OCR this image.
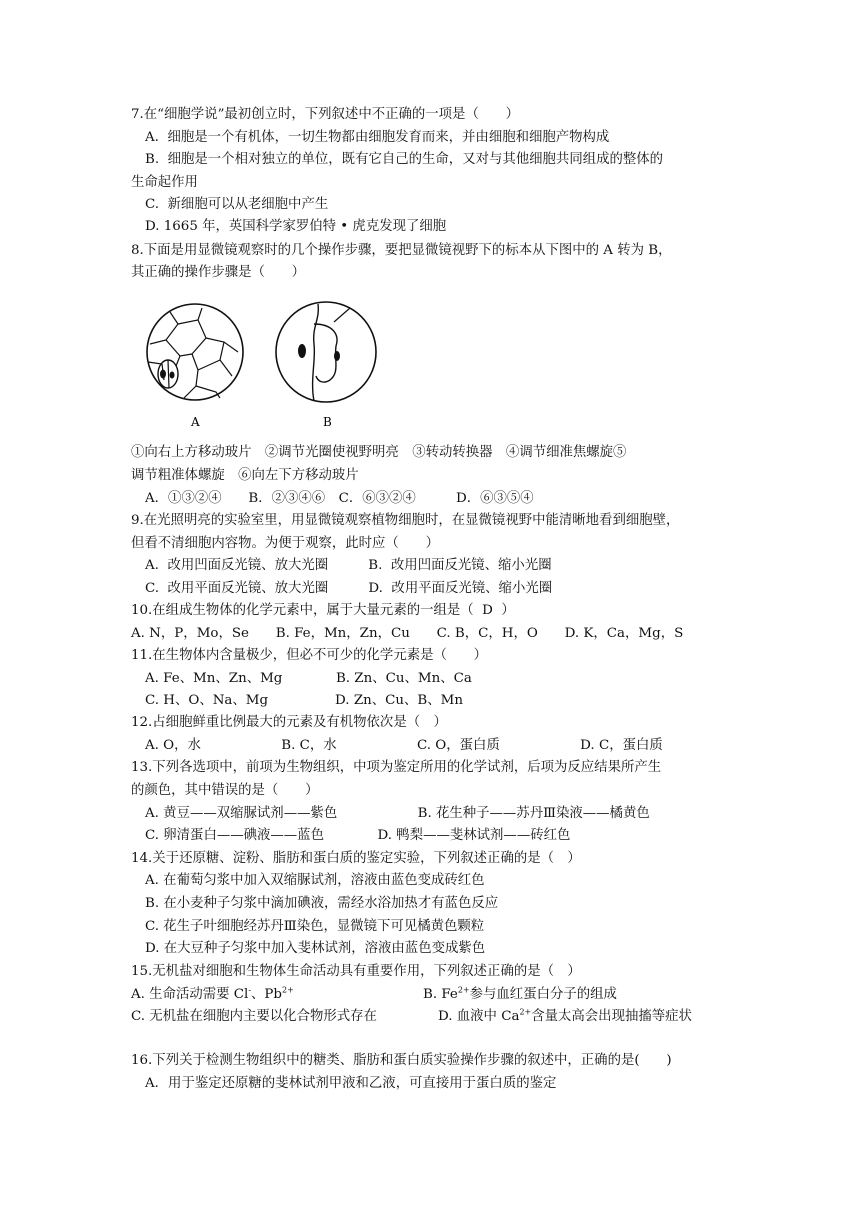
7.在“细胞学说”最初创立时，下列叙述中不正确的一项是（　　）
A.  细胞是一个有机体，一切生物都由细胞发育而来，并由细胞和细胞产物构成
B.  细胞是一个相对独立的单位，既有它自己的生命，又对与其他细胞共同组成的整体的
生命起作用
C.  新细胞可以从老细胞中产生
D. 1665 年，英国科学家罗伯特 • 虎克发现了细胞
8.下面是用显微镜观察时的几个操作步骤，要把显微镜视野下的标本从下图中的 A 转为 B，
其正确的操作步骤是（　　）
A	B
①向右上方移动玻片　②调节光圈使视野明亮　③转动转换器　④调节细准焦螺旋⑤
调节粗准体螺旋　⑥向左下方移动玻片
A．①③②④　　B．②③④⑥　C．⑥③②④　　　D．⑥③⑤④
9.在光照明亮的实验室里，用显微镜观察植物细胞时，在显微镜视野中能清晰地看到细胞壁，
但看不清细胞内容物。为便于观察，此时应（　　）
A.  改用凹面反光镜、放大光圈　　　B.  改用凹面反光镜、缩小光圈
C.  改用平面反光镜、放大光圈　　　D.  改用平面反光镜、缩小光圈
10.在组成生物体的化学元素中，属于大量元素的一组是（  D  ）
A. N，P，Mo，Se　　B. Fe，Mn，Zn，Cu　　C. B，C，H，O　　D. K，Ca，Mg，S
11.在生物体内含量极少，但必不可少的化学元素是（　　）
A. Fe、Mn、Zn、Mg　　　　B. Zn、Cu、Mn、Ca
C. H、O、Na、Mg　　　　　D. Zn、Cu、B、Mn
12.占细胞鲜重比例最大的元素及有机物依次是（　）
A. O，水　　　　　　B. C，水　　　　　　C. O，蛋白质　　　　　　D. C，蛋白质
13.下列各选项中，前项为生物组织，中项为鉴定所用的化学试剂，后项为反应结果所产生
的颜色，其中错误的是（　　）
A. 黄豆——双缩脲试剂——紫色　　　　　　B. 花生种子——苏丹Ⅲ染液——橘黄色
C. 卵清蛋白——碘液——蓝色　　　　D. 鸭梨——斐林试剂——砖红色
14.关于还原糖、淀粉、脂肪和蛋白质的鉴定实验，下列叙述正确的是（　）
A. 在葡萄匀浆中加入双缩脲试剂，溶液由蓝色变成砖红色
B. 在小麦种子匀浆中滴加碘液，需经水浴加热才有蓝色反应
C. 花生子叶细胞经苏丹Ⅲ染色，显微镜下可见橘黄色颗粒
D. 在大豆种子匀浆中加入斐林试剂，溶液由蓝色变成紫色
15.无机盐对细胞和生物体生命活动具有重要作用，下列叙述正确的是（　）
A. 生命活动需要 Cl-、$Pb^{2+}$	B. $Fe^{2+}$参与血红蛋白分子的组成
C. 无机盐在细胞内主要以化合物形式存在	D. 血液中 $Ca^{2+}$含量太高会出现抽搐等症状
16.下列关于检测生物组织中的糖类、脂肪和蛋白质实验操作步骤的叙述中，正确的是(　　)
A．用于鉴定还原糖的斐林试剂甲液和乙液，可直接用于蛋白质的鉴定
